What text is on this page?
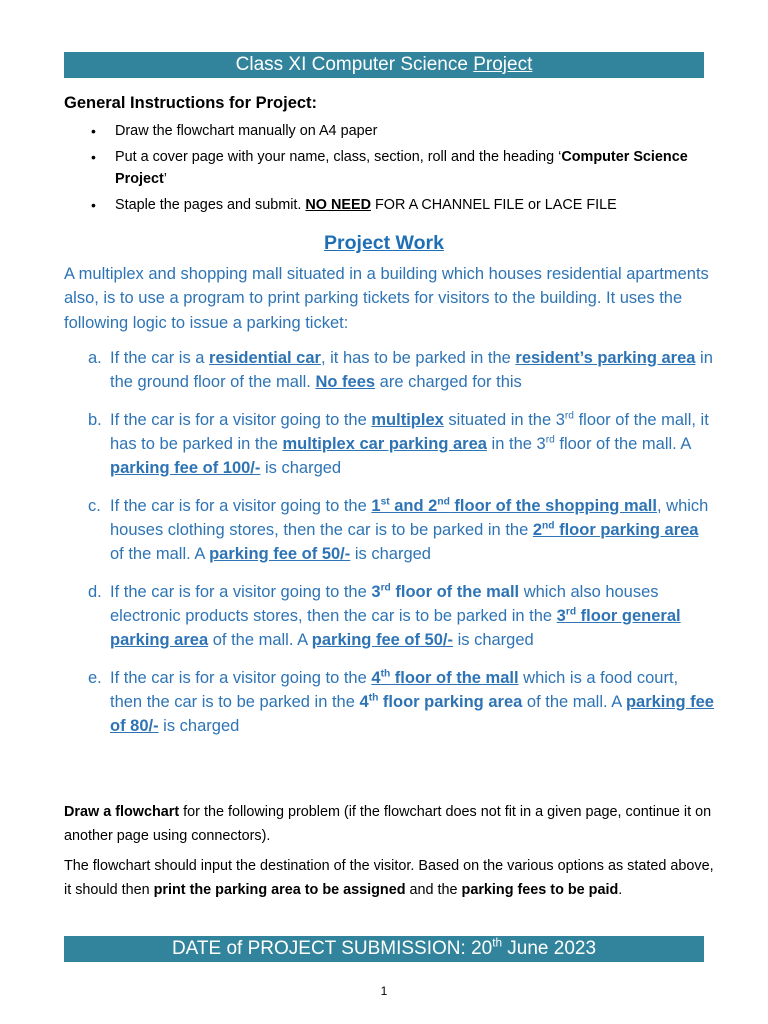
Class XI Computer Science Project
General Instructions for Project:
• Draw the flowchart manually on A4 paper
• Put a cover page with your name, class, section, roll and the heading ‘Computer Science Project’
• Staple the pages and submit. NO NEED FOR A CHANNEL FILE or LACE FILE
Project Work
A multiplex and shopping mall situated in a building which houses residential apartments also, is to use a program to print parking tickets for visitors to the building. It uses the following logic to issue a parking ticket:
a. If the car is a residential car, it has to be parked in the resident’s parking area in the ground floor of the mall. No fees are charged for this
b. If the car is for a visitor going to the multiplex situated in the 3rd floor of the mall, it has to be parked in the multiplex car parking area in the 3rd floor of the mall. A parking fee of 100/- is charged
c. If the car is for a visitor going to the 1st and 2nd floor of the shopping mall, which houses clothing stores, then the car is to be parked in the 2nd floor parking area of the mall. A parking fee of 50/- is charged
d. If the car is for a visitor going to the 3rd floor of the mall which also houses electronic products stores, then the car is to be parked in the 3rd floor general parking area of the mall. A parking fee of 50/- is charged
e. If the car is for a visitor going to the 4th floor of the mall which is a food court, then the car is to be parked in the 4th floor parking area of the mall. A parking fee of 80/- is charged
Draw a flowchart for the following problem (if the flowchart does not fit in a given page, continue it on another page using connectors).
The flowchart should input the destination of the visitor. Based on the various options as stated above, it should then print the parking area to be assigned and the parking fees to be paid.
DATE of PROJECT SUBMISSION: 20th June 2023
1
